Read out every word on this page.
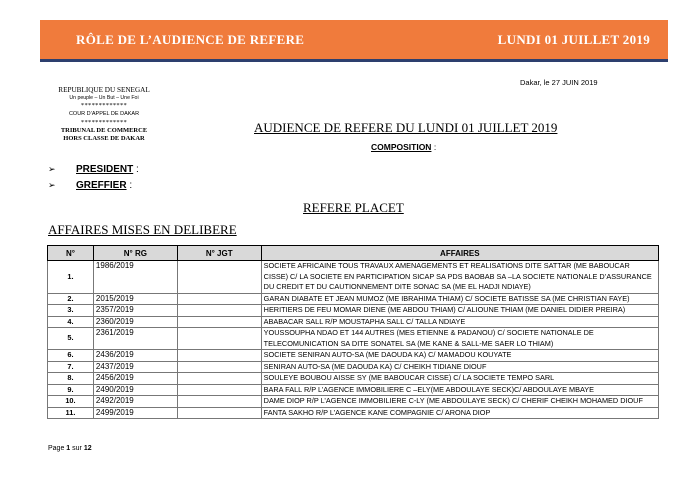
RÔLE DE L’AUDIENCE DE REFERE	LUNDI 01 JUILLET 2019
Dakar, le 27 JUIN 2019
REPUBLIQUE DU SENEGAL
Un peuple – Un But – Une Foi
*************
COUR D’APPEL DE DAKAR
*************
TRIBUNAL DE COMMERCE
HORS CLASSE DE DAKAR
AUDIENCE DE REFERE DU LUNDI 01 JUILLET 2019
COMPOSITION :
➢ PRESIDENT :
➢ GREFFIER :
REFERE PLACET
AFFAIRES MISES EN DELIBERE
N°	N° RG	N° JGT	AFFAIRES
1.	1986/2019		SOCIETE AFRICAINE TOUS TRAVAUX AMENAGEMENTS ET REALISATIONS DITE SATTAR (ME BABOUCAR CISSE) C/ LA SOCIETE EN PARTICIPATION SICAP SA PDS BAOBAB SA –LA SOCIETE NATIONALE D’ASSURANCE DU CREDIT ET DU CAUTIONNEMENT DITE SONAC SA (ME EL HADJI NDIAYE)
2.	2015/2019		GARAN DIABATE ET JEAN MUMOZ (ME IBRAHIMA THIAM) C/ SOCIETE BATISSE SA (ME CHRISTIAN FAYE)
3.	2357/2019		HERITIERS DE FEU MOMAR DIENE (ME ABDOU THIAM) C/ ALIOUNE THIAM (ME DANIEL DIDIER PREIRA)
4.	2360/2019		ABABACAR SALL R/P MOUSTAPHA SALL C/ TALLA NDIAYE
5.	2361/2019		YOUSSOUPHA NDAO ET 144 AUTRES (MES ETIENNE & PADANOU) C/ SOCIETE NATIONALE DE TELECOMUNICATION SA DITE SONATEL SA (ME KANE & SALL-ME SAER LO THIAM)
6.	2436/2019		SOCIETE SENIRAN AUTO-SA (ME DAOUDA KA) C/ MAMADOU KOUYATE
7.	2437/2019		SENIRAN AUTO-SA (ME DAOUDA KA) C/ CHEIKH TIDIANE DIOUF
8.	2456/2019		SOULEYE BOUBOU AISSE SY (ME BABOUCAR CISSE) C/ LA SOCIETE TEMPO SARL
9.	2490/2019		BARA FALL R/P L’AGENCE IMMOBILIERE C –ELY(ME ABDOULAYE SECK)C/ ABDOULAYE MBAYE
10.	2492/2019		DAME DIOP R/P L’AGENCE IMMOBILIERE C-LY (ME ABDOULAYE SECK) C/ CHERIF CHEIKH MOHAMED DIOUF
11.	2499/2019		FANTA SAKHO R/P L’AGENCE KANE COMPAGNIE C/ ARONA DIOP
Page 1 sur 12
